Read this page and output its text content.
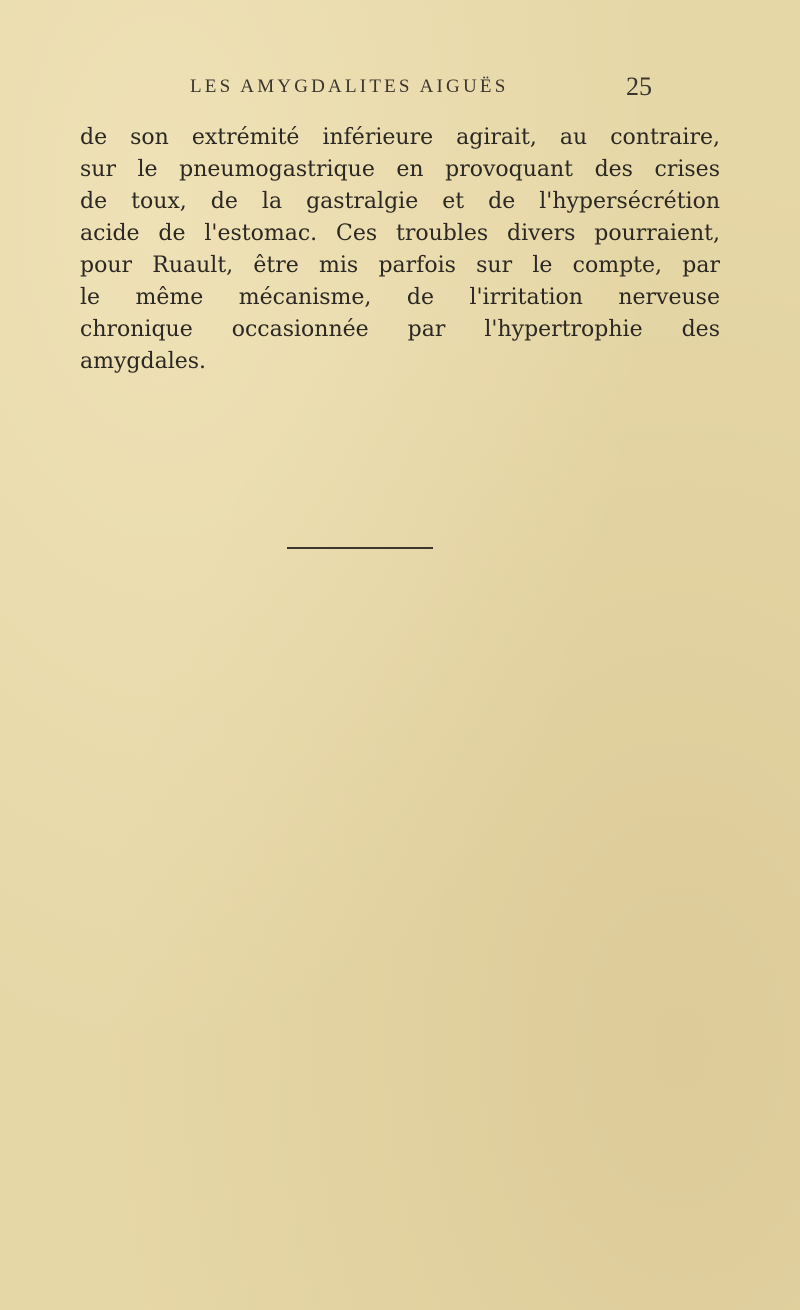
LES AMYGDALITES AIGUËS	25
de son extrémité inférieure agirait, au contraire,
sur le pneumogastrique en provoquant des crises
de toux, de la gastralgie et de l'hypersécrétion
acide de l'estomac. Ces troubles divers pourraient,
pour Ruault, être mis parfois sur le compte, par
le même mécanisme, de l'irritation nerveuse
chronique occasionnée par l'hypertrophie des
amygdales.
